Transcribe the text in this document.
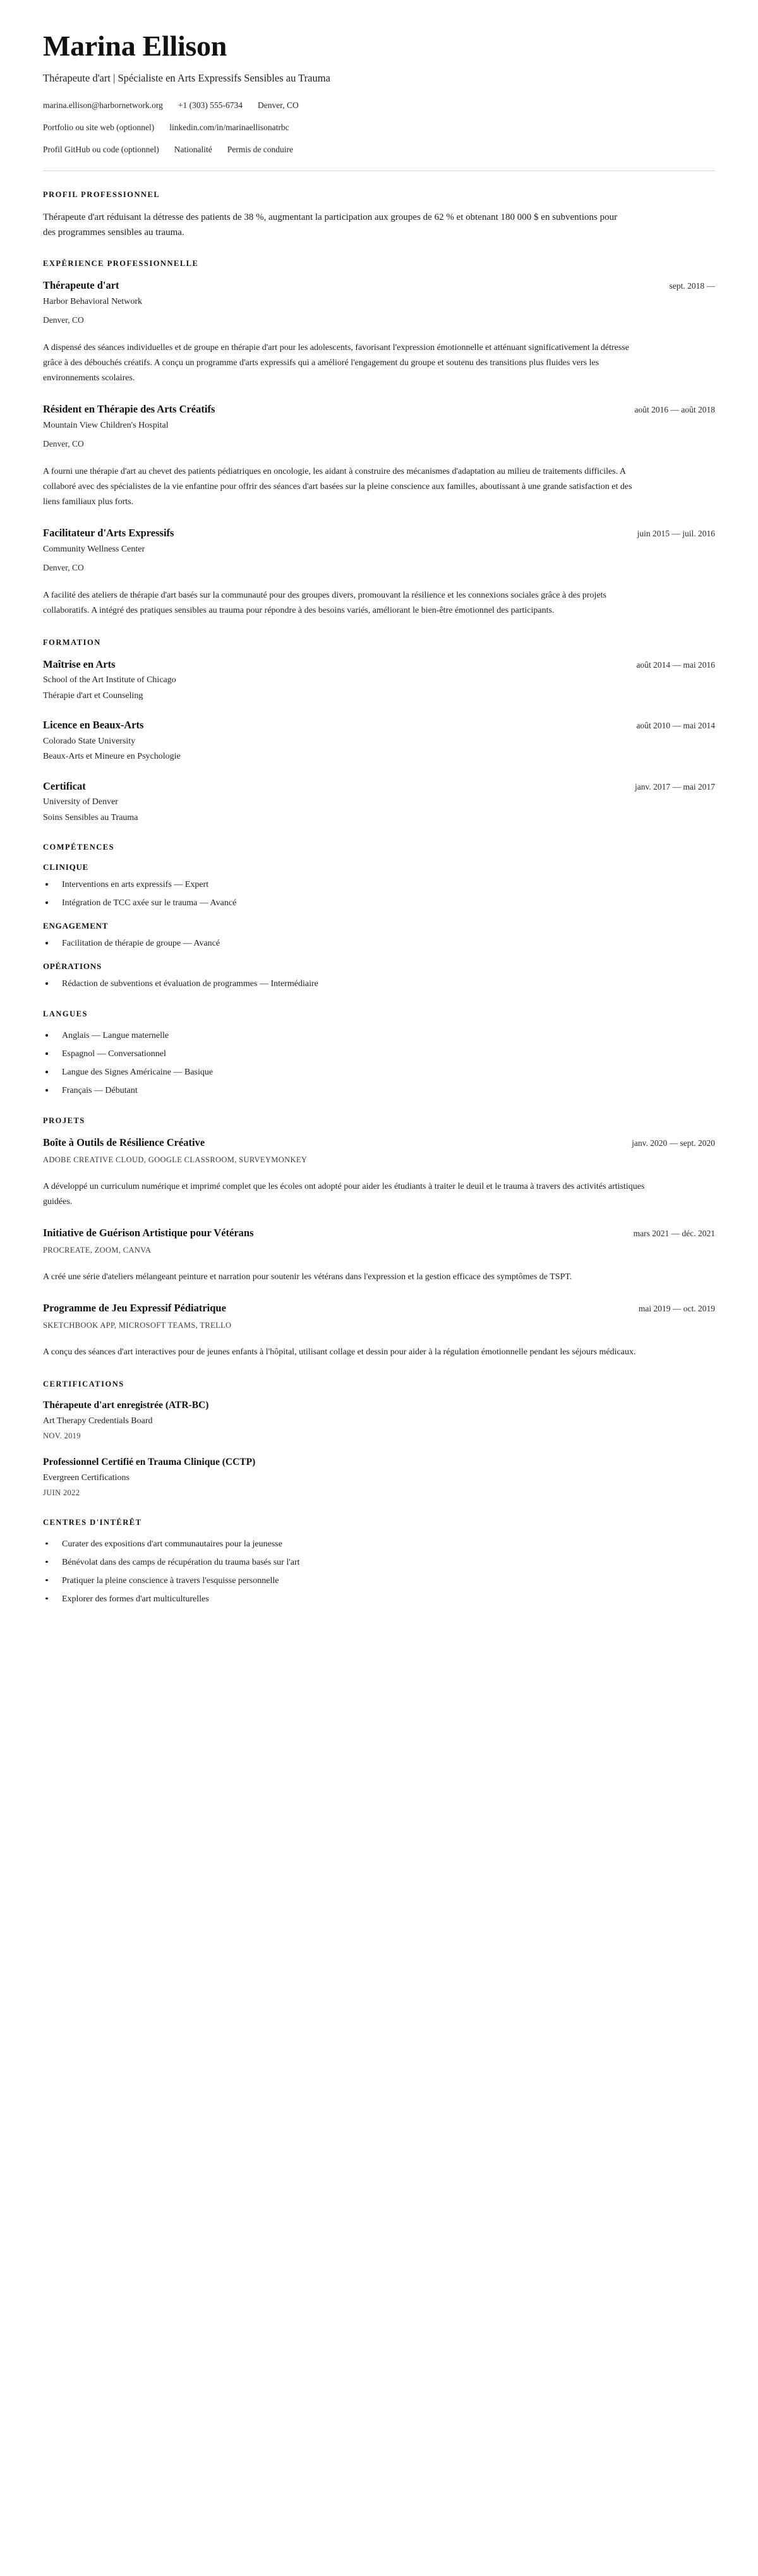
Marina Ellison
Thérapeute d'art | Spécialiste en Arts Expressifs Sensibles au Trauma
marina.ellison@harbornetwork.org +1 (303) 555-6734 Denver, CO
Portfolio ou site web (optionnel) linkedin.com/in/marinaellisonatrbc
Profil GitHub ou code (optionnel) Nationalité Permis de conduire
PROFIL PROFESSIONNEL

Thérapeute d'art réduisant la détresse des patients de 38 %, augmentant la participation aux groupes de 62 % et obtenant 180 000 $ en subventions pour des programmes sensibles au trauma.

EXPÉRIENCE PROFESSIONNELLE
Thérapeute d'art	sept. 2018 —
Harbor Behavioral Network
Denver, CO

A dispensé des séances individuelles et de groupe en thérapie d'art pour les adolescents, favorisant l'expression émotionnelle et atténuant significativement la détresse grâce à des débouchés créatifs. A conçu un programme d'arts expressifs qui a amélioré l'engagement du groupe et soutenu des transitions plus fluides vers les environnements scolaires.

Résident en Thérapie des Arts Créatifs	août 2016 — août 2018
Mountain View Children's Hospital
Denver, CO

A fourni une thérapie d'art au chevet des patients pédiatriques en oncologie, les aidant à construire des mécanismes d'adaptation au milieu de traitements difficiles. A collaboré avec des spécialistes de la vie enfantine pour offrir des séances d'art basées sur la pleine conscience aux familles, aboutissant à une grande satisfaction et des liens familiaux plus forts.

Facilitateur d'Arts Expressifs	juin 2015 — juil. 2016
Community Wellness Center
Denver, CO

A facilité des ateliers de thérapie d'art basés sur la communauté pour des groupes divers, promouvant la résilience et les connexions sociales grâce à des projets collaboratifs. A intégré des pratiques sensibles au trauma pour répondre à des besoins variés, améliorant le bien-être émotionnel des participants.

FORMATION
Maîtrise en Arts	août 2014 — mai 2016
School of the Art Institute of Chicago
Thérapie d'art et Counseling
Licence en Beaux-Arts	août 2010 — mai 2014
Colorado State University
Beaux-Arts et Mineure en Psychologie
Certificat	janv. 2017 — mai 2017
University of Denver
Soins Sensibles au Trauma
COMPÉTENCES
CLINIQUE
Interventions en arts expressifs — Expert
Intégration de TCC axée sur le trauma — Avancé
ENGAGEMENT
Facilitation de thérapie de groupe — Avancé
OPÉRATIONS
Rédaction de subventions et évaluation de programmes — Intermédiaire
LANGUES
Anglais — Langue maternelle
Espagnol — Conversationnel
Langue des Signes Américaine — Basique
Français — Débutant
PROJETS
Boîte à Outils de Résilience Créative	janv. 2020 — sept. 2020
ADOBE CREATIVE CLOUD, GOOGLE CLASSROOM, SURVEYMONKEY

A développé un curriculum numérique et imprimé complet que les écoles ont adopté pour aider les étudiants à traiter le deuil et le trauma à travers des activités artistiques guidées.

Initiative de Guérison Artistique pour Vétérans	mars 2021 — déc. 2021
PROCREATE, ZOOM, CANVA

A créé une série d'ateliers mélangeant peinture et narration pour soutenir les vétérans dans l'expression et la gestion efficace des symptômes de TSPT.

Programme de Jeu Expressif Pédiatrique	mai 2019 — oct. 2019
SKETCHBOOK APP, MICROSOFT TEAMS, TRELLO

A conçu des séances d'art interactives pour de jeunes enfants à l'hôpital, utilisant collage et dessin pour aider à la régulation émotionnelle pendant les séjours médicaux.

CERTIFICATIONS
Thérapeute d'art enregistrée (ATR-BC)
Art Therapy Credentials Board
NOV. 2019
Professionnel Certifié en Trauma Clinique (CCTP)
Evergreen Certifications
JUIN 2022
CENTRES D'INTÉRÊT
Curater des expositions d'art communautaires pour la jeunesse
Bénévolat dans des camps de récupération du trauma basés sur l'art
Pratiquer la pleine conscience à travers l'esquisse personnelle
Explorer des formes d'art multiculturelles
